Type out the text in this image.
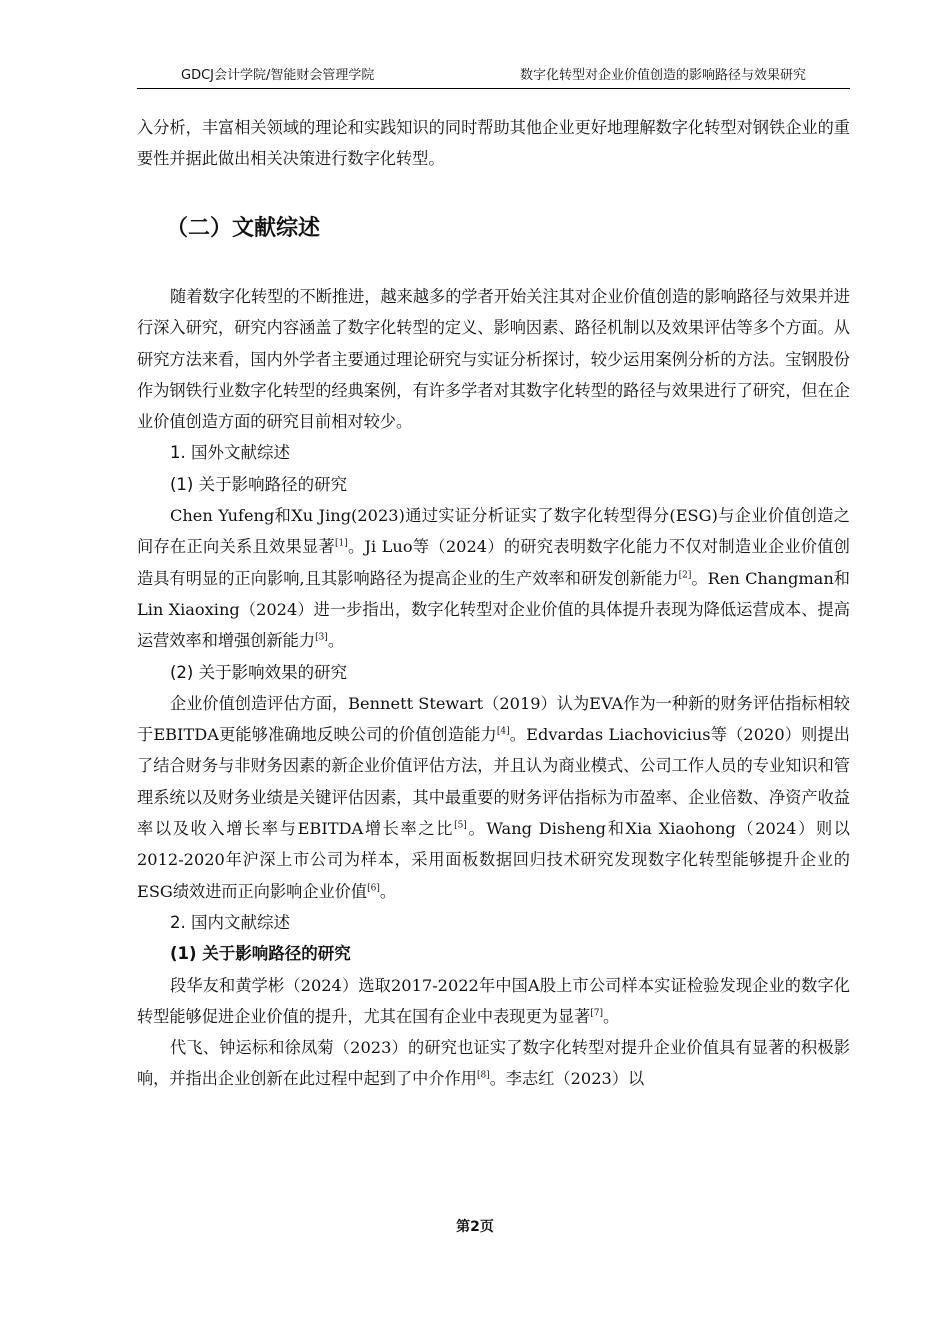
GDCJ会计学院/智能财会管理学院	数字化转型对企业价值创造的影响路径与效果研究

入分析，丰富相关领域的理论和实践知识的同时帮助其他企业更好地理解数字化转型对钢铁企业的重要性并据此做出相关决策进行数字化转型。

（二）文献综述

随着数字化转型的不断推进，越来越多的学者开始关注其对企业价值创造的影响路径与效果并进行深入研究，研究内容涵盖了数字化转型的定义、影响因素、路径机制以及效果评估等多个方面。从研究方法来看，国内外学者主要通过理论研究与实证分析探讨，较少运用案例分析的方法。宝钢股份作为钢铁行业数字化转型的经典案例，有许多学者对其数字化转型的路径与效果进行了研究，但在企业价值创造方面的研究目前相对较少。

1. 国外文献综述

(1) 关于影响路径的研究

Chen Yufeng和Xu Jing(2023)通过实证分析证实了数字化转型得分(ESG)与企业价值创造之间存在正向关系且效果显著[1]。Ji Luo等（2024）的研究表明数字化能力不仅对制造业企业价值创造具有明显的正向影响,且其影响路径为提高企业的生产效率和研发创新能力[2]。Ren Changman和Lin Xiaoxing（2024）进一步指出，数字化转型对企业价值的具体提升表现为降低运营成本、提高运营效率和增强创新能力[3]。

(2) 关于影响效果的研究

企业价值创造评估方面，Bennett Stewart（2019）认为EVA作为一种新的财务评估指标相较于EBITDA更能够准确地反映公司的价值创造能力[4]。Edvardas Liachovicius等（2020）则提出了结合财务与非财务因素的新企业价值评估方法，并且认为商业模式、公司工作人员的专业知识和管理系统以及财务业绩是关键评估因素，其中最重要的财务评估指标为市盈率、企业倍数、净资产收益率以及收入增长率与EBITDA增长率之比[5]。Wang Disheng和Xia Xiaohong（2024）则以2012-2020年沪深上市公司为样本，采用面板数据回归技术研究发现数字化转型能够提升企业的ESG绩效进而正向影响企业价值[6]。

2. 国内文献综述

(1) 关于影响路径的研究

段华友和黄学彬（2024）选取2017-2022年中国A股上市公司样本实证检验发现企业的数字化转型能够促进企业价值的提升，尤其在国有企业中表现更为显著[7]。

代飞、钟运标和徐凤菊（2023）的研究也证实了数字化转型对提升企业价值具有显著的积极影响，并指出企业创新在此过程中起到了中介作用[8]。李志红（2023）以

第2页
